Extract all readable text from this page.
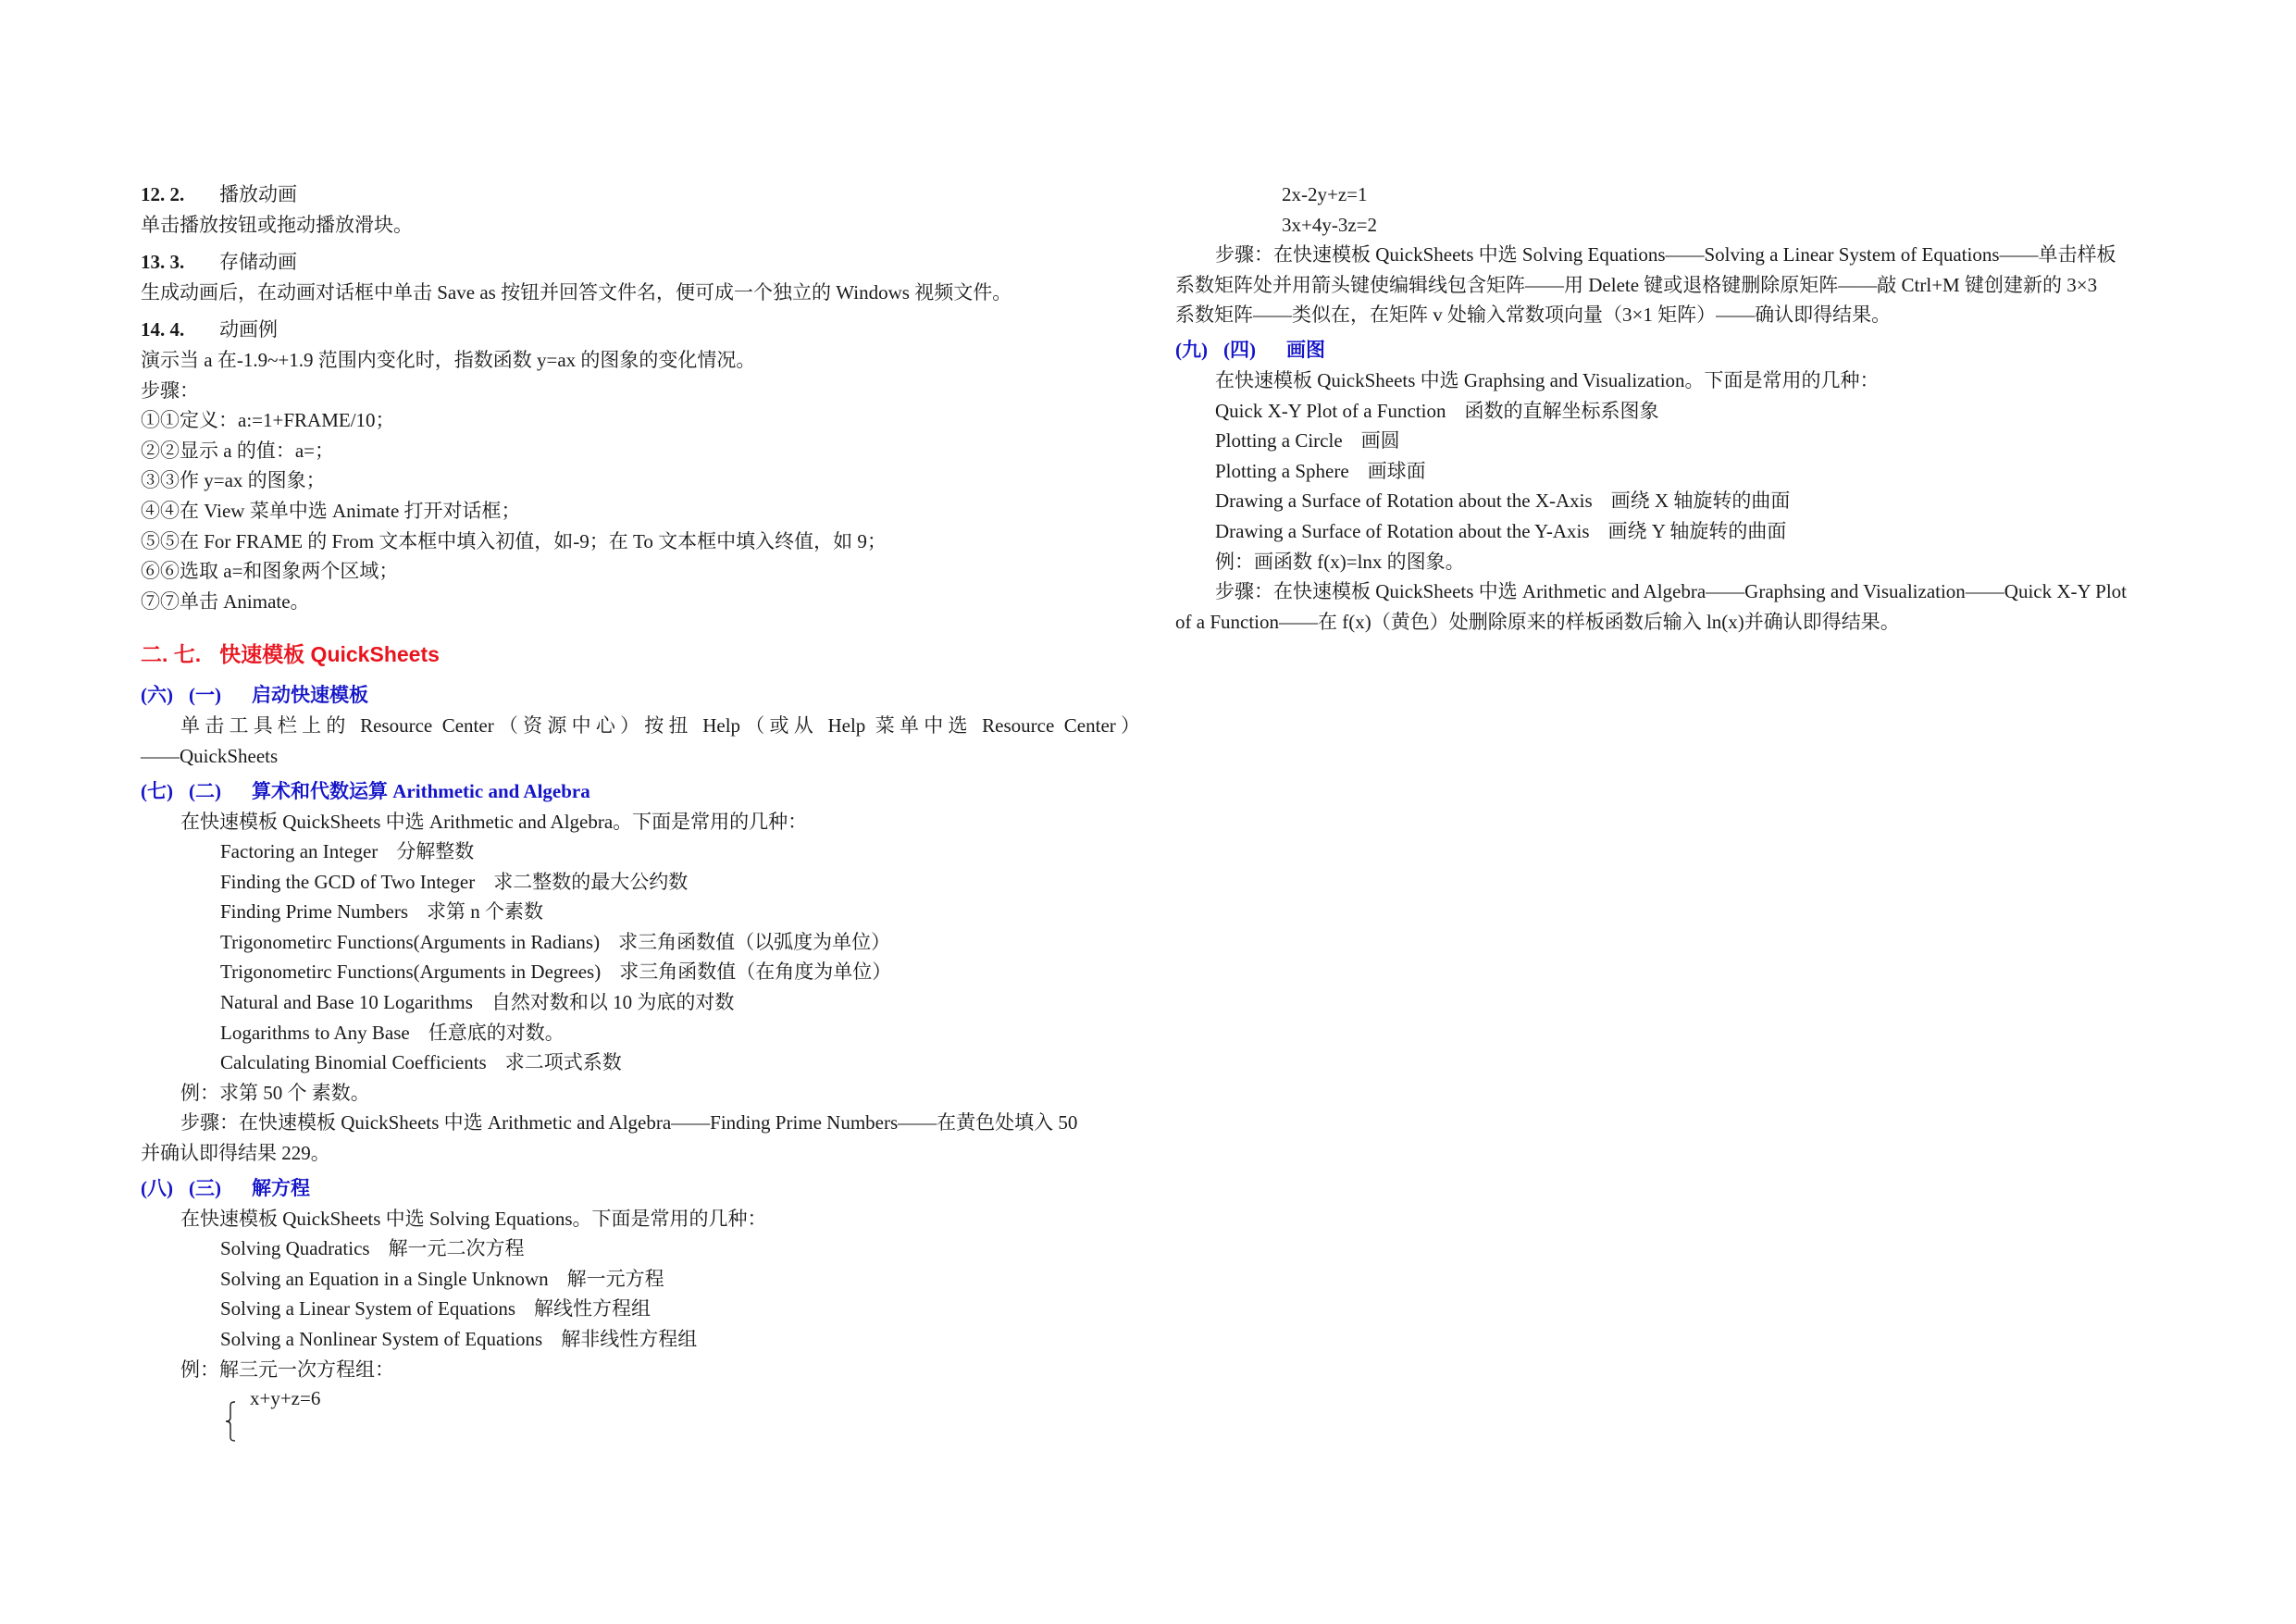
12. 2. 播放动画

单击播放按钮或拖动播放滑块。

13. 3. 存储动画

生成动画后，在动画对话框中单击 Save as 按钮并回答文件名，便可成一个独立的 Windows 视频文件。

14. 4. 动画例

演示当 a 在-1.9~+1.9 范围内变化时，指数函数 y=ax 的图象的变化情况。

步骤：

①①定义：a:=1+FRAME/10；

②②显示 a 的值：a=；

③③作 y=ax 的图象；

④④在 View 菜单中选 Animate 打开对话框；

⑤⑤在 For FRAME 的 From 文本框中填入初值，如-9；在 To 文本框中填入终值，如 9；

⑥⑥选取 a=和图象两个区域；

⑦⑦单击 Animate。

二. 七. 快速模板 QuickSheets

(六) (一) 启动快速模板

单击工具栏上的 Resource Center（资源中心）按扭 Help（或从 Help 菜单中选 Resource Center）

——QuickSheets

(七) (二) 算术和代数运算 Arithmetic and Algebra

在快速模板 QuickSheets 中选 Arithmetic and Algebra。下面是常用的几种：

Factoring an Integer 分解整数

Finding the GCD of Two Integer 求二整数的最大公约数

Finding Prime Numbers 求第 n 个素数

Trigonometirc Functions(Arguments in Radians) 求三角函数值（以弧度为单位）

Trigonometirc Functions(Arguments in Degrees) 求三角函数值（在角度为单位）

Natural and Base 10 Logarithms 自然对数和以 10 为底的对数

Logarithms to Any Base 任意底的对数。

Calculating Binomial Coefficients 求二项式系数

例：求第 50 个 素数。

步骤：在快速模板 QuickSheets 中选 Arithmetic and Algebra——Finding Prime Numbers——在黄色处填入 50

并确认即得结果 229。

(八) (三) 解方程

在快速模板 QuickSheets 中选 Solving Equations。下面是常用的几种：

Solving Quadratics 解一元二次方程

Solving an Equation in a Single Unknown 解一元方程

Solving a Linear System of Equations 解线性方程组

Solving a Nonlinear System of Equations 解非线性方程组

例：解三元一次方程组：

x+y+z=6

2x-2y+z=1

3x+4y-3z=2

步骤：在快速模板 QuickSheets 中选 Solving Equations——Solving a Linear System of Equations——单击样板

系数矩阵处并用箭头键使编辑线包含矩阵——用 Delete 键或退格键删除原矩阵——敲 Ctrl+M 键创建新的 3×3

系数矩阵——类似在，在矩阵 v 处输入常数项向量（3×1 矩阵）——确认即得结果。

(九) (四) 画图

在快速模板 QuickSheets 中选 Graphsing and Visualization。下面是常用的几种：

Quick X-Y Plot of a Function 函数的直解坐标系图象

Plotting a Circle 画圆

Plotting a Sphere 画球面

Drawing a Surface of Rotation about the X-Axis 画绕 X 轴旋转的曲面

Drawing a Surface of Rotation about the Y-Axis 画绕 Y 轴旋转的曲面

例：画函数 f(x)=lnx 的图象。

步骤：在快速模板 QuickSheets 中选 Arithmetic and Algebra——Graphsing and Visualization——Quick X-Y Plot

of a Function——在 f(x)（黄色）处删除原来的样板函数后输入 ln(x)并确认即得结果。
